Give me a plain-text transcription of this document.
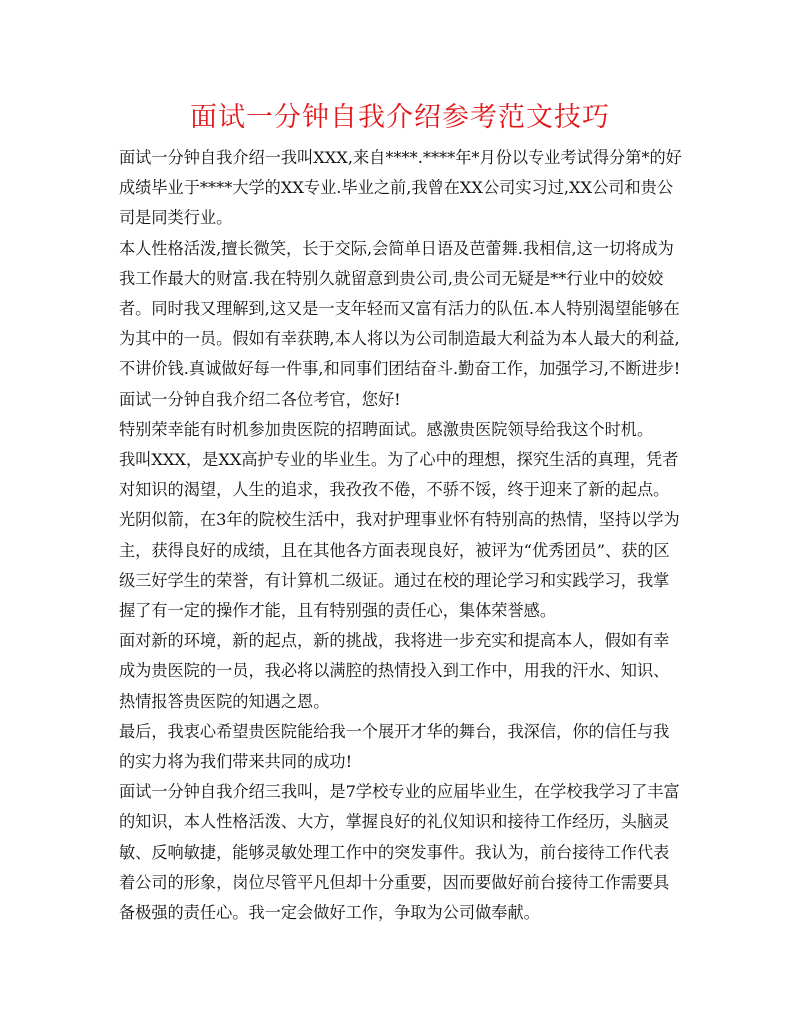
面试一分钟自我介绍参考范文技巧

面试一分钟自我介绍一我叫XXX,来自****.****年*月份以专业考试得分第*的好成绩毕业于****大学的XX专业.毕业之前,我曾在XX公司实习过,XX公司和贵公司是同类行业。

本人性格活泼,擅长微笑，长于交际,会简单日语及芭蕾舞.我相信,这一切将成为我工作最大的财富.我在特别久就留意到贵公司,贵公司无疑是**行业中的姣姣者。同时我又理解到,这又是一支年轻而又富有活力的队伍.本人特别渴望能够在为其中的一员。假如有幸获聘,本人将以为公司制造最大利益为本人最大的利益,不讲价钱.真诚做好每一件事,和同事们团结奋斗.勤奋工作，加强学习,不断进步!

面试一分钟自我介绍二各位考官，您好!

特别荣幸能有时机参加贵医院的招聘面试。感激贵医院领导给我这个时机。

我叫XXX，是XX高护专业的毕业生。为了心中的理想，探究生活的真理，凭者对知识的渴望，人生的追求，我孜孜不倦，不骄不馁，终于迎来了新的起点。

光阴似箭，在3年的院校生活中，我对护理事业怀有特别高的热情，坚持以学为主，获得良好的成绩，且在其他各方面表现良好，被评为“优秀团员”、获的区级三好学生的荣誉，有计算机二级证。通过在校的理论学习和实践学习，我掌握了有一定的操作才能，且有特别强的责任心，集体荣誉感。

面对新的环境，新的起点，新的挑战，我将进一步充实和提高本人，假如有幸成为贵医院的一员，我必将以满腔的热情投入到工作中，用我的汗水、知识、热情报答贵医院的知遇之恩。

最后，我衷心希望贵医院能给我一个展开才华的舞台，我深信，你的信任与我的实力将为我们带来共同的成功!

面试一分钟自我介绍三我叫，是7学校专业的应届毕业生，在学校我学习了丰富的知识，本人性格活泼、大方，掌握良好的礼仪知识和接待工作经历，头脑灵敏、反响敏捷，能够灵敏处理工作中的突发事件。我认为，前台接待工作代表着公司的形象，岗位尽管平凡但却十分重要，因而要做好前台接待工作需要具备极强的责任心。我一定会做好工作，争取为公司做奉献。
